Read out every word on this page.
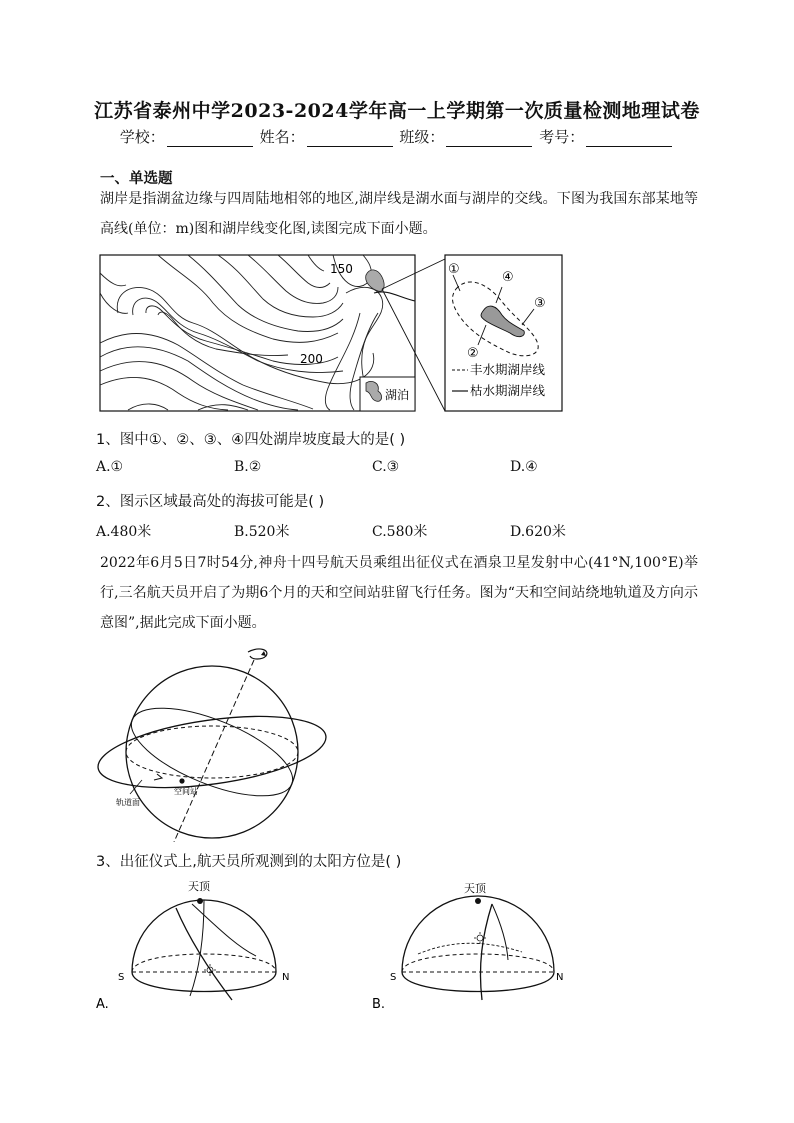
江苏省泰州中学2023-2024学年高一上学期第一次质量检测地理试卷
学校：	姓名：	班级：	考号：
一、单选题
湖岸是指湖盆边缘与四周陆地相邻的地区,湖岸线是湖水面与湖岸的交线。下图为我国东部某地等高线(单位：m)图和湖岸线变化图,读图完成下面小题。
150
200
湖泊
①
④
③
②
丰水期湖岸线
枯水期湖岸线
1、图中①、②、③、④四处湖岸坡度最大的是( )
A.①	B.②	C.③	D.④
2、图示区域最高处的海拔可能是( )
A.480米	B.520米	C.580米	D.620米
2022年6月5日7时54分,神舟十四号航天员乘组出征仪式在酒泉卫星发射中心(41°N,100°E)举行,三名航天员开启了为期6个月的天和空间站驻留飞行任务。图为“天和空间站绕地轨道及方向示意图”,据此完成下面小题。
空间站
轨道面
3、出征仪式上,航天员所观测到的太阳方位是( )
天顶
S	N
A.
天顶
S	N
B.
